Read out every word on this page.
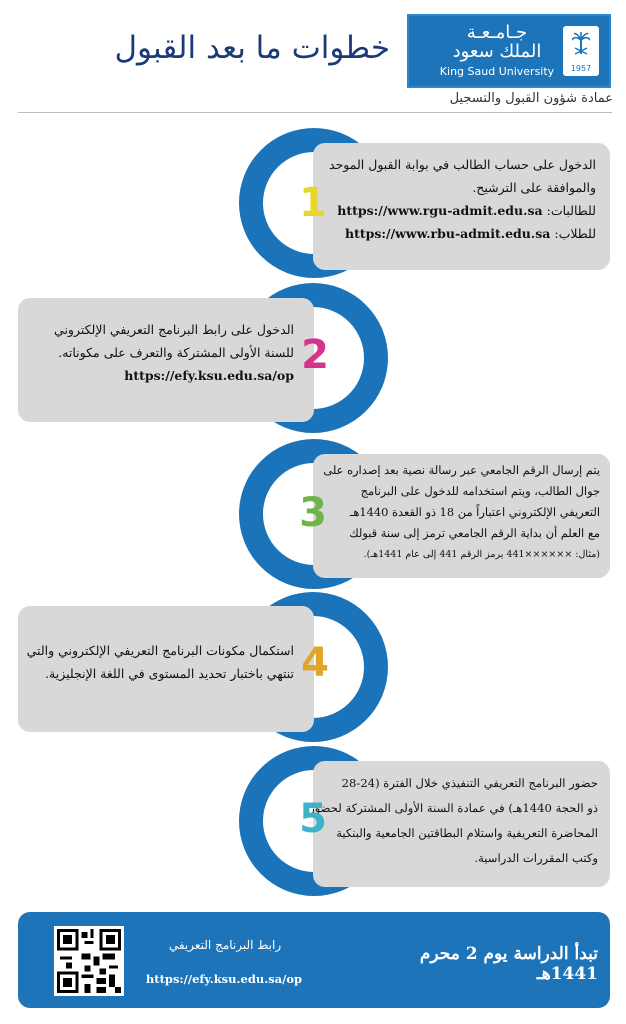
خطوات ما بعد القبول	جـامـعـة
الملك سعود
King Saud University	1957
عمادة شؤون القبول والتسجيل
الدخول على حساب الطالب في بوابة القبول الموحد
والموافقة على الترشيح.
للطالبات: https://www.rgu-admit.edu.sa
للطلاب: https://www.rbu-admit.edu.sa
1
الدخول على رابط البرنامج التعريفي الإلكتروني
للسنة الأولى المشتركة والتعرف على مكوناته.
https://efy.ksu.edu.sa/op 2
يتم إرسال الرقم الجامعي عبر رسالة نصية بعد إصداره على
جوال الطالب، ويتم استخدامه للدخول على البرنامج
التعريفي الإلكتروني اعتباراً من 18 ذو القعدة 1440هـ
مع العلم أن بداية الرقم الجامعي ترمز إلى سنة قبولك
(مثال: ××××××441 يرمز الرقم 441 إلى عام 1441هـ).
3
استكمال مكونات البرنامج التعريفي الإلكتروني والتي
تنتهي باختبار تحديد المستوى في اللغة الإنجليزية. 4
حضور البرنامج التعريفي التنفيذي خلال الفترة (24-28
ذو الحجة 1440هـ) في عمادة السنة الأولى المشتركة لحضور
المحاضرة التعريفية واستلام البطاقتين الجامعية والبنكية
وكتب المقررات الدراسية.
5
تبدأ الدراسة يوم 2 محرم 1441هـ
رابط البرنامج التعريفي
https://efy.ksu.edu.sa/op
